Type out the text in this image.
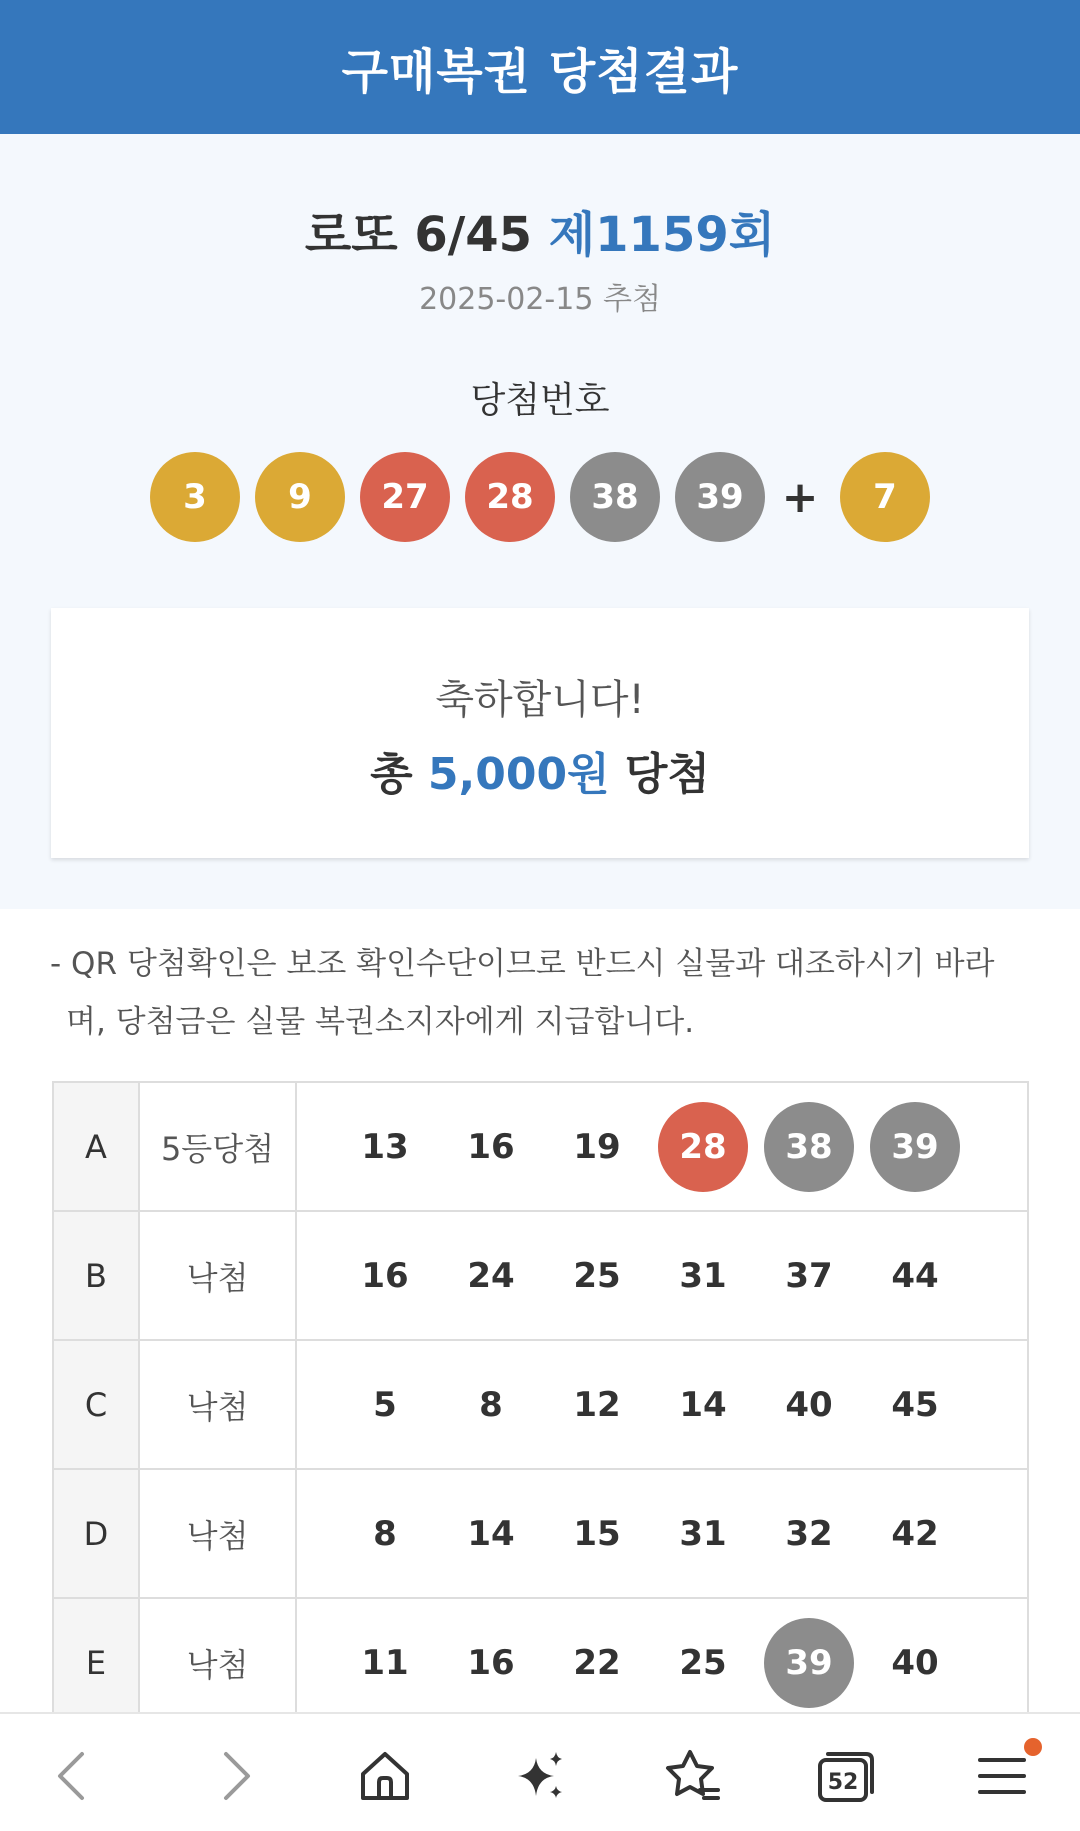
구매복권 당첨결과
로또 6/45 제1159회
2025-02-15 추첨
당첨번호
3	9	27	28	38	39 +	7
축하합니다!
총 5,000원 당첨
- QR 당첨확인은 보조 확인수단이므로 반드시 실물과 대조하시기 바라며, 당첨금은 실물 복권소지자에게 지급합니다.
A	5등당첨	13	16	19	28	38	39
B	낙첨	16	24	25	31	37	44
C	낙첨	5	8	12	14	40	45
D	낙첨	8	14	15	31	32	42
E	낙첨	11	16	22	25	39	40
52
